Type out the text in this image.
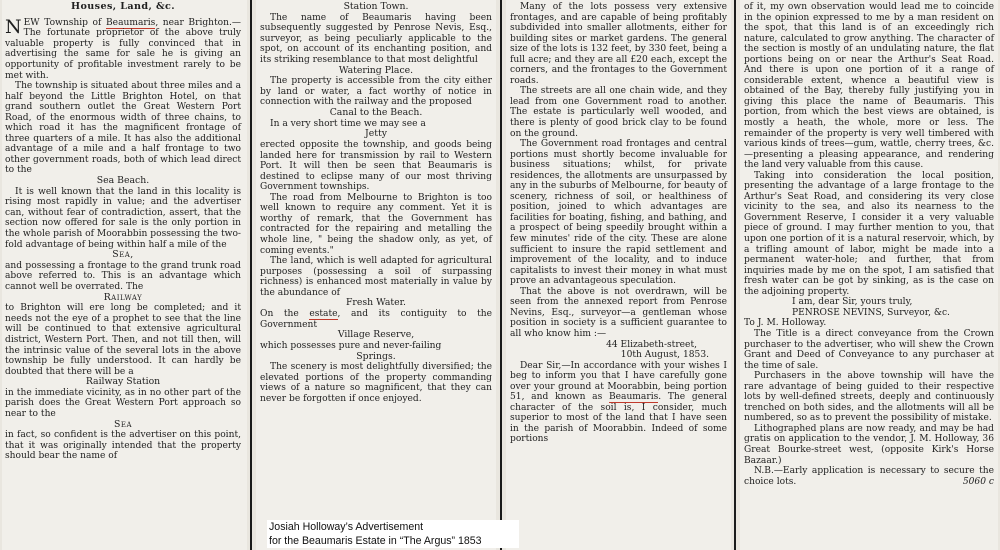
Houses, Land, &c.

NEW Township of Beaumaris, near Brighton.—The fortunate proprietor of the above truly valuable property is fully convinced that in advertising the same for sale he is giving an opportunity of profitable investment rarely to be met with.

The township is situated about three miles and a half beyond the Little Brighton Hotel, on that grand southern outlet the Great Western Port Road, of the enormous width of three chains, to which road it has the magnificent frontage of three quarters of a mile. It has also the additional advantage of a mile and a half frontage to two other government roads, both of which lead direct to the

Sea Beach.

It is well known that the land in this locality is rising most rapidly in value; and the advertiser can, without fear of contradiction, assert, that the section now offered for sale is the only portion in the whole parish of Moorabbin possessing the two-fold advantage of being within half a mile of the

Sea,

and possessing a frontage to the grand trunk road above referred to. This is an advantage which cannot well be overrated. The

Railway

to Brighton will ere long be completed; and it needs not the eye of a prophet to see that the line will be continued to that extensive agricultural district, Western Port. Then, and not till then, will the intrinsic value of the several lots in the above township be fully understood. It can hardly be doubted that there will be a

Railway Station

in the immediate vicinity, as in no other part of the parish does the Great Western Port approach so near to the

Sea

in fact, so confident is the advertiser on this point, that it was originally intended that the property should bear the name of

Station Town.

The name of Beaumaris having been subsequently suggested by Penrose Nevis, Esq., surveyor, as being peculiarly applicable to the spot, on account of its enchanting position, and its striking resemblance to that most delightful

Watering Place.

The property is accessible from the city either by land or water, a fact worthy of notice in connection with the railway and the proposed

Canal to the Beach.

In a very short time we may see a

Jetty

erected opposite the township, and goods being landed here for transmission by rail to Western Port. It will then be seen that Beaumaris is destined to eclipse many of our most thriving Government townships.

The road from Melbourne to Brighton is too well known to require any comment. Yet it is worthy of remark, that the Government has contracted for the repairing and metalling the whole line, " being the shadow only, as yet, of coming events."

The land, which is well adapted for agricultural purposes (possessing a soil of surpassing richness) is enhanced most materially in value by the abundance of

Fresh Water.

On the estate, and its contiguity to the Government

Village Reserve,

which possesses pure and never-failing

Springs.

The scenery is most delightfully diversified; the elevated portions of the property commanding views of a nature so magnificent, that they can never be forgotten if once enjoyed.

Many of the lots possess very extensive frontages, and are capable of being profitably subdivided into smaller allotments, either for building sites or market gardens. The general size of the lots is 132 feet, by 330 feet, being a full acre; and they are all £20 each, except the corners, and the frontages to the Government roads.

The streets are all one chain wide, and they lead from one Government road to another. The estate is particularly well wooded, and there is plenty of good brick clay to be found on the ground.

The Government road frontages and central portions must shortly become invaluable for business situations; whilst, for private residences, the allotments are unsurpassed by any in the suburbs of Melbourne, for beauty of scenery, richness of soil, or healthiness of position, joined to which advantages are facilities for boating, fishing, and bathing, and a prospect of being speedily brought within a few minutes' ride of the city. These are alone sufficient to insure the rapid settlement and improvement of the locality, and to induce capitalists to invest their money in what must prove an advantageous speculation.

That the above is not overdrawn, will be seen from the annexed report from Penrose Nevins, Esq., surveyor—a gentleman whose position in society is a sufficient guarantee to all who know him :—

44 Elizabeth-street,

10th August, 1853.

Dear Sir,—In accordance with your wishes I beg to inform you that I have carefully gone over your ground at Moorabbin, being portion 51, and known as Beaumaris. The general character of the soil is, I consider, much superior to most of the land that I have seen in the parish of Moorabbin. Indeed of some portions

of it, my own observation would lead me to coincide in the opinion expressed to me by a man resident on the spot, that this land is of an exceedingly rich nature, calculated to grow anything. The character of the section is mostly of an undulating nature, the flat portions being on or near the Arthur's Seat Road. And there is upon one portion of it a range of considerable extent, whence a beautiful view is obtained of the Bay, thereby fully justifying you in giving this place the name of Beaumaris. This portion, from which the best views are obtained, is mostly a heath, the whole, more or less. The remainder of the property is very well timbered with various kinds of trees—gum, wattle, cherry trees, &c.—presenting a pleasing appearance, and rendering the land very valuable from this cause.

Taking into consideration the local position, presenting the advantage of a large frontage to the Arthur's Seat Road, and considering its very close vicinity to the sea, and also its nearness to the Government Reserve, I consider it a very valuable piece of ground. I may further mention to you, that upon one portion of it is a natural reservoir, which, by a trifling amount of labor, might be made into a permanent water-hole; and further, that from inquiries made by me on the spot, I am satisfied that fresh water can be got by sinking, as is the case on the adjoining property.

I am, dear Sir, yours truly,

PENROSE NEVINS, Surveyor, &c.

To J. M. Holloway.

The Title is a direct conveyance from the Crown purchaser to the advertiser, who will shew the Crown Grant and Deed of Conveyance to any purchaser at the time of sale.

Purchasers in the above township will have the rare advantage of being guided to their respective lots by well-defined streets, deeply and continuously trenched on both sides, and the allotments will all be numbered, so as to prevent the possibility of mistake.

Lithographed plans are now ready, and may be had gratis on application to the vendor, J. M. Holloway, 36 Great Bourke-street west, (opposite Kirk's Horse Bazaar.)

N.B.—Early application is necessary to secure the choice lots.	5060 c

Josiah Holloway’s Advertisement
for the Beaumaris Estate in “The Argus” 1853
